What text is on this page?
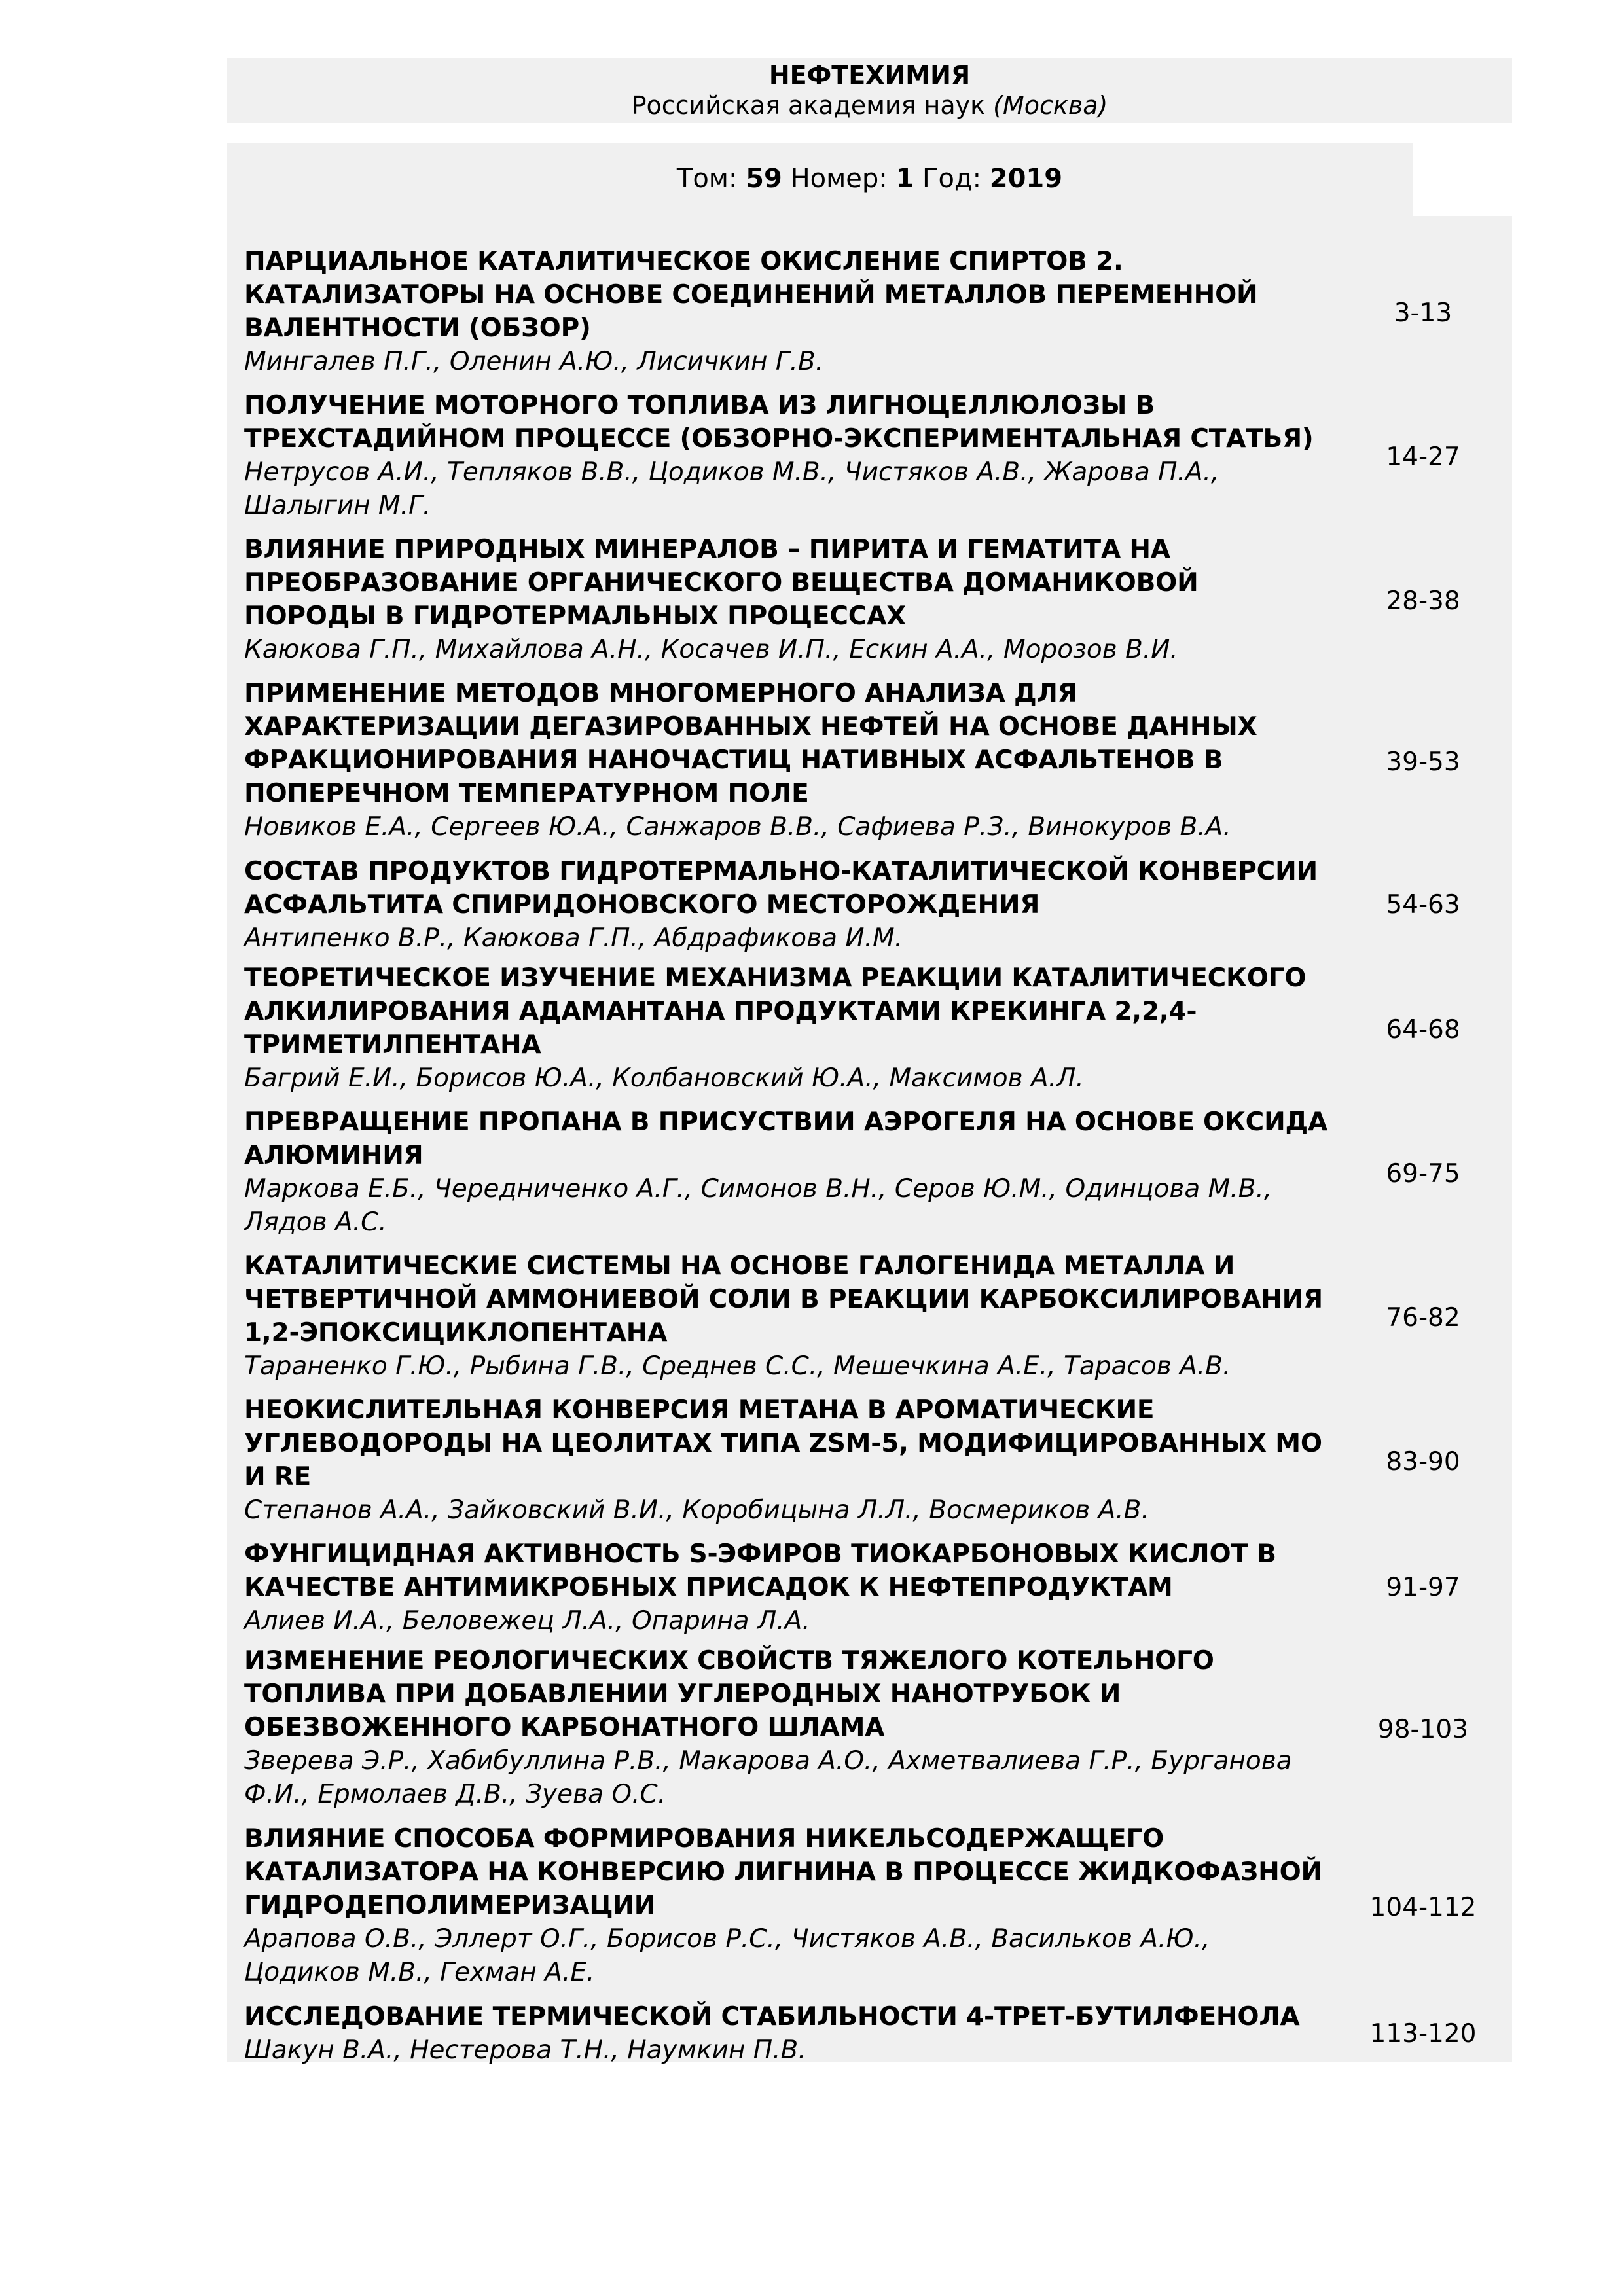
НЕФТЕХИМИЯ
Российская академия наук (Москва)
Том: 59 Номер: 1 Год: 2019
ПАРЦИАЛЬНОЕ КАТАЛИТИЧЕСКОЕ ОКИСЛЕНИЕ СПИРТОВ 2. КАТАЛИЗАТОРЫ НА ОСНОВЕ СОЕДИНЕНИЙ МЕТАЛЛОВ ПЕРЕМЕННОЙ ВАЛЕНТНОСТИ (ОБЗОР)
Мингалев П.Г., Оленин А.Ю., Лисичкин Г.В.
3-13
ПОЛУЧЕНИЕ МОТОРНОГО ТОПЛИВА ИЗ ЛИГНОЦЕЛЛЮЛОЗЫ В ТРЕХСТАДИЙНОМ ПРОЦЕССЕ (ОБЗОРНО-ЭКСПЕРИМЕНТАЛЬНАЯ СТАТЬЯ)
Нетрусов А.И., Тепляков В.В., Цодиков М.В., Чистяков А.В., Жарова П.А., Шалыгин М.Г.
14-27
ВЛИЯНИЕ ПРИРОДНЫХ МИНЕРАЛОВ – ПИРИТА И ГЕМАТИТА НА ПРЕОБРАЗОВАНИЕ ОРГАНИЧЕСКОГО ВЕЩЕСТВА ДОМАНИКОВОЙ ПОРОДЫ В ГИДРОТЕРМАЛЬНЫХ ПРОЦЕССАХ
Каюкова Г.П., Михайлова А.Н., Косачев И.П., Ескин А.А., Морозов В.И.
28-38
ПРИМЕНЕНИЕ МЕТОДОВ МНОГОМЕРНОГО АНАЛИЗА ДЛЯ ХАРАКТЕРИЗАЦИИ ДЕГАЗИРОВАННЫХ НЕФТЕЙ НА ОСНОВЕ ДАННЫХ ФРАКЦИОНИРОВАНИЯ НАНОЧАСТИЦ НАТИВНЫХ АСФАЛЬТЕНОВ В ПОПЕРЕЧНОМ ТЕМПЕРАТУРНОМ ПОЛЕ
Новиков Е.А., Сергеев Ю.А., Санжаров В.В., Сафиева Р.З., Винокуров В.А.
39-53
СОСТАВ ПРОДУКТОВ ГИДРОТЕРМАЛЬНО-КАТАЛИТИЧЕСКОЙ КОНВЕРСИИ АСФАЛЬТИТА СПИРИДОНОВСКОГО МЕСТОРОЖДЕНИЯ
Антипенко В.Р., Каюкова Г.П., Абдрафикова И.М.
54-63
ТЕОРЕТИЧЕСКОЕ ИЗУЧЕНИЕ МЕХАНИЗМА РЕАКЦИИ КАТАЛИТИЧЕСКОГО АЛКИЛИРОВАНИЯ АДАМАНТАНА ПРОДУКТАМИ КРЕКИНГА 2,2,4-ТРИМЕТИЛПЕНТАНА
Багрий Е.И., Борисов Ю.А., Колбановский Ю.А., Максимов А.Л.
64-68
ПРЕВРАЩЕНИЕ ПРОПАНА В ПРИСУСТВИИ АЭРОГЕЛЯ НА ОСНОВЕ ОКСИДА АЛЮМИНИЯ
Маркова Е.Б., Чередниченко А.Г., Симонов В.Н., Серов Ю.М., Одинцова М.В., Лядов А.С.
69-75
КАТАЛИТИЧЕСКИЕ СИСТЕМЫ НА ОСНОВЕ ГАЛОГЕНИДА МЕТАЛЛА И ЧЕТВЕРТИЧНОЙ АММОНИЕВОЙ СОЛИ В РЕАКЦИИ КАРБОКСИЛИРОВАНИЯ 1,2-ЭПОКСИЦИКЛОПЕНТАНА
Тараненко Г.Ю., Рыбина Г.В., Среднев С.С., Мешечкина А.Е., Тарасов А.В.
76-82
НЕОКИСЛИТЕЛЬНАЯ КОНВЕРСИЯ МЕТАНА В АРОМАТИЧЕСКИЕ УГЛЕВОДОРОДЫ НА ЦЕОЛИТАХ ТИПА ZSM-5, МОДИФИЦИРОВАННЫХ МО И RE
Степанов А.А., Зайковский В.И., Коробицына Л.Л., Восмериков А.В.
83-90
ФУНГИЦИДНАЯ АКТИВНОСТЬ S-ЭФИРОВ ТИОКАРБОНОВЫХ КИСЛОТ В КАЧЕСТВЕ АНТИМИКРОБНЫХ ПРИСАДОК К НЕФТЕПРОДУКТАМ
Алиев И.А., Беловежец Л.А., Опарина Л.А.
91-97
ИЗМЕНЕНИЕ РЕОЛОГИЧЕСКИХ СВОЙСТВ ТЯЖЕЛОГО КОТЕЛЬНОГО ТОПЛИВА ПРИ ДОБАВЛЕНИИ УГЛЕРОДНЫХ НАНОТРУБОК И ОБЕЗВОЖЕННОГО КАРБОНАТНОГО ШЛАМА
Зверева Э.Р., Хабибуллина Р.В., Макарова А.О., Ахметвалиева Г.Р., Бурганова Ф.И., Ермолаев Д.В., Зуева О.С.
98-103
ВЛИЯНИЕ СПОСОБА ФОРМИРОВАНИЯ НИКЕЛЬСОДЕРЖАЩЕГО КАТАЛИЗАТОРА НА КОНВЕРСИЮ ЛИГНИНА В ПРОЦЕССЕ ЖИДКОФАЗНОЙ ГИДРОДЕПОЛИМЕРИЗАЦИИ
Арапова О.В., Эллерт О.Г., Борисов Р.С., Чистяков А.В., Васильков А.Ю., Цодиков М.В., Гехман А.Е.
104-112
ИССЛЕДОВАНИЕ ТЕРМИЧЕСКОЙ СТАБИЛЬНОСТИ 4-ТРЕТ-БУТИЛФЕНОЛА
Шакун В.А., Нестерова Т.Н., Наумкин П.В.
113-120
